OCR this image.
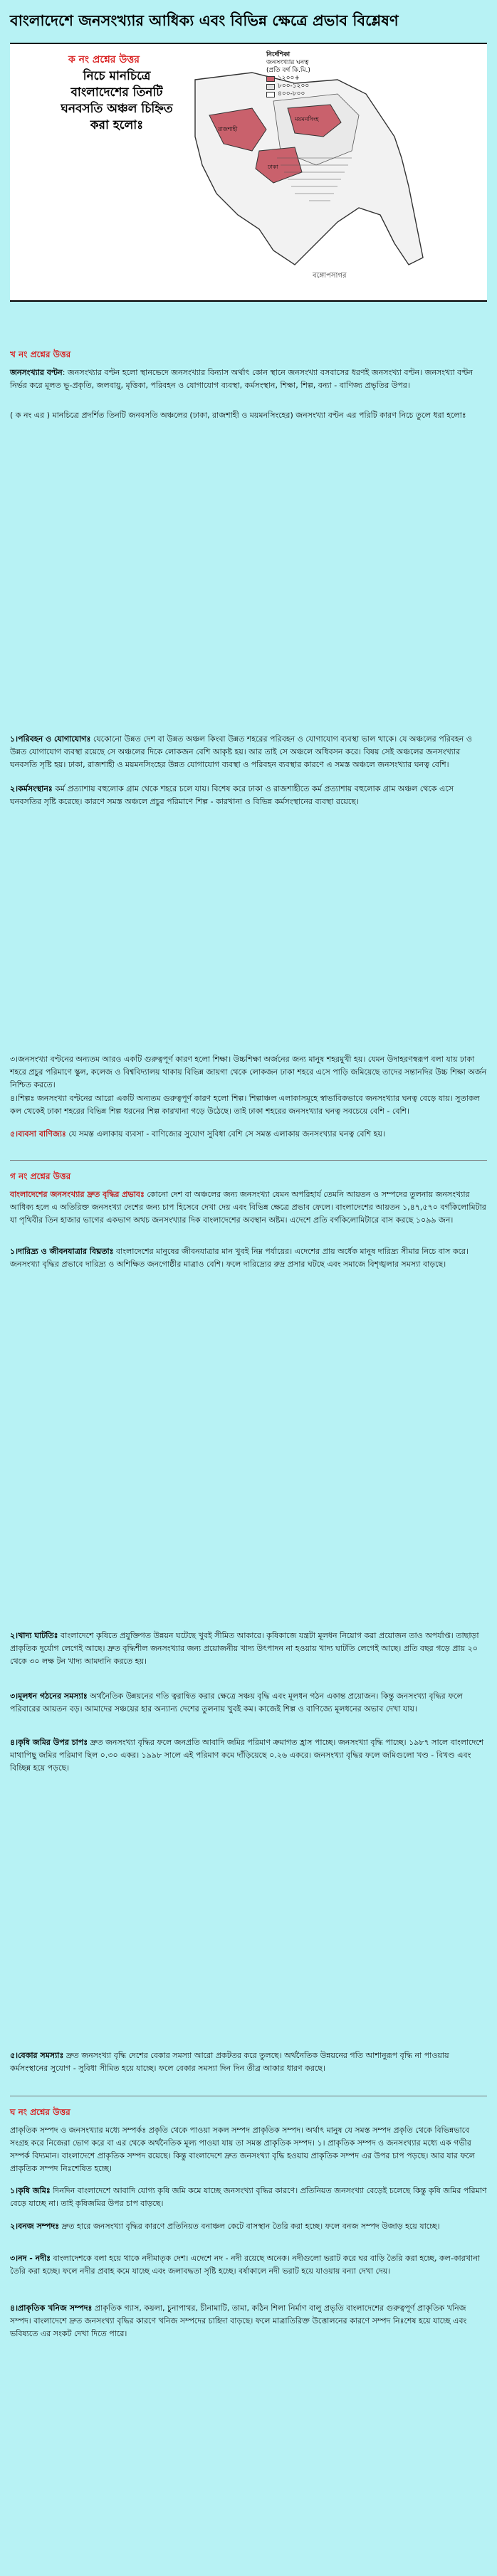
বাংলাদেশে জনসংখ্যার আধিক্য এবং বিভিন্ন ক্ষেত্রে প্রভাব বিশ্লেষণ
ক নং প্রশ্নের উত্তর
নিচে মানচিত্রে বাংলাদেশের তিনটি ঘনবসতি অঞ্চল চিহ্নিত করা হলোঃ	রাজশাহী
ময়মনসিংহ
ঢাকা
বঙ্গোপসাগর
নির্দেশিকা
জনসংখ্যার ঘনত্ব
(প্রতি বর্গ কি.মি.)
১২০০+
৮০০-১২০০
৪০০-৮০০
খ নং প্রশ্নের উত্তর
জনসংখ্যার বণ্টন: জনসংখ্যার বণ্টন হলো স্থানভেদে জনসংখ্যার বিন্যাস অর্থাৎ কোন স্থানে জনসংখ্যা বসবাসের ধরণই জনসংখ্যা বণ্টন। জনসংখ্যা বণ্টন নির্ভর করে মূলত ভূ-প্রকৃতি, জলবায়ু, মৃত্তিকা, পরিবহন ও যোগাযোগ ব্যবস্থা, কর্মসংস্থান, শিক্ষা, শিল্প, বন্যা - বাণিজ্য প্রভৃতির উপর।
( ক নং এর ) মানচিত্রে প্রদর্শিত তিনটি জনবসতি অঞ্চলের (ঢাকা, রাজশাহী ও ময়মনসিংহের) জনসংখ্যা বণ্টন এর পরিটি কারণ নিচে তুলে ধরা হলোঃ
১।পরিবহন ও যোগাযোগঃ যেকোনো উন্নত দেশ বা উন্নত অঞ্চল কিংবা উন্নত শহরের পরিবহন ও যোগাযোগ ব্যবস্থা ভাল থাকে। যে অঞ্চলের পরিবহন ও উন্নত যোগাযোগ ব্যবস্থা রয়েছে সে অঞ্চলের দিকে লোকজন বেশি আকৃষ্ট হয়। আর তাই সে অঞ্চলে অধিবসন করে। বিষয় সেই অঞ্চলের জনসংখ্যার ঘনবসতি সৃষ্টি হয়। ঢাকা, রাজশাহী ও ময়মনসিংহের উন্নত যোগাযোগ ব্যবস্থা ও পরিবহন ব্যবস্থার কারণে এ সমস্ত অঞ্চলে জনসংখ্যার ঘনত্ব বেশি।
২।কর্মসংস্থানঃ কর্ম প্রত্যাশায় বহুলোক গ্রাম থেকে শহরে চলে যায়। বিশেষ করে ঢাকা ও রাজশাহীতে কর্ম প্রত্যাশায় বহুলোক গ্রাম অঞ্চল থেকে এসে ঘনবসতির সৃষ্টি করেছে। কারণে সমস্ত অঞ্চলে প্রচুর পরিমাণে শিল্প - কারখানা ও বিভিন্ন কর্মসংস্থানের ব্যবস্থা রয়েছে।
৩।জনসংখ্যা বণ্টনের অন্যতম আরও একটি গুরুত্বপূর্ণ কারণ হলো শিক্ষা। উচ্চশিক্ষা অর্জনের জন্য মানুষ শহরমুখী হয়। যেমন উদাহরণস্বরূপ বলা যায় ঢাকা শহরে প্রচুর পরিমাণে স্কুল, কলেজ ও বিশ্ববিদ্যালয় থাকায় বিভিন্ন জায়গা থেকে লোকজন ঢাকা শহরে এসে পাড়ি জমিয়েছে তাদের সন্তানদির উচ্চ শিক্ষা অর্জন নিশ্চিত করতে।
৪।শিল্পঃ জনসংখ্যা বণ্টনের আরো একটি অন্যতম গুরুত্বপূর্ণ কারণ হলো শিল্প। শিল্পাঞ্চল এলাকাসমূহে স্বাভাবিকভাবে জনসংখ্যার ঘনত্ব বেড়ে যায়। সুতাকল কল থেকেই ঢাকা শহরের বিভিন্ন শিল্প ধরনের শিল্প কারখানা গড়ে উঠেছে। তাই ঢাকা শহরের জনসংখ্যার ঘনত্ব সবচেয়ে বেশি - বেশি।
৫।ব্যবসা বাণিজ্যঃ যে সমস্ত এলাকায় ব্যবসা - বাণিজ্যের সুযোগ সুবিধা বেশি সে সমস্ত এলাকায় জনসংখ্যার ঘনত্ব বেশি হয়।
গ নং প্রশ্নের উত্তর
বাংলাদেশের জনসংখ্যার দ্রুত বৃদ্ধির প্রভাবঃ কোনো দেশ বা অঞ্চলের জন্য জনসংখ্যা যেমন অপরিহার্য তেমনি আয়তন ও সম্পদের তুলনায় জনসংখ্যার আধিক্য হলে এ অতিরিক্ত জনসংখ্যা দেশের জন্য চাপ হিসেবে দেখা দেয় এবং বিভিন্ন ক্ষেত্রে প্রভাব ফেলে। বাংলাদেশের আয়তন ১,৪৭,৫৭০ বর্গকিলোমিটার যা পৃথিবীর তিন হাজার ভাগের একভাগ অথচ জনসংখ্যার দিক বাংলাদেশের অবস্থান অষ্টম। এদেশে প্রতি বর্গকিলোমিটারে বাস করছে ১০৯৯ জন।
১।দারিদ্র্য ও জীবনযাত্রার বিঘ্নতাঃ বাংলাদেশের মানুষের জীবনযাত্রার মান খুবই নিম্ন পর্যায়ের। এদেশের প্রায় অর্ধেক মানুষ দারিদ্র্য সীমার নিচে বাস করে। জনসংখ্যা বৃদ্ধির প্রভাবে দারিদ্র্য ও অশিক্ষিত জনগোষ্ঠীর মাত্রাও বেশি। ফলে দারিদ্র্যের রুদ্র প্রসার ঘটছে এবং সমাজে বিশৃঙ্খলার সমস্যা বাড়ছে।
২।খাদ্য ঘাটতিঃ বাংলাদেশে কৃষিতে প্রযুক্তিগত উন্নয়ন ঘটেছে খুবই সীমিত আকারে। কৃষিকাজে যন্ত্রটা মূলধন নিয়োগ করা প্রয়োজন তাও অপর্যাপ্ত। তাছাড়া প্রাকৃতিক দুর্যোগ লেগেই আছে। দ্রুত বৃদ্ধিশীল জনসংখ্যার জন্য প্রয়োজনীয় খাদ্য উৎপাদন না হওয়ায় খাদ্য ঘাটতি লেগেই আছে। প্রতি বছর গড়ে প্রায় ২০ থেকে ৩০ লক্ষ টন খাদ্য আমদানি করতে হয়।
৩।মূলধন গঠনের সমস্যাঃ অর্থনৈতিক উন্নয়নের গতি ত্বরান্বিত করার ক্ষেত্রে সঞ্চয় বৃদ্ধি এবং মূলধন গঠন একান্ত প্রয়োজন। কিন্তু জনসংখ্যা বৃদ্ধির ফলে পরিবারের আয়তন বড়। আমাদের সঞ্চয়ের হার অন্যান্য দেশের তুলনায় খুবই কম। কাজেই শিল্প ও বাণিজ্যে মূলধনের অভাব দেখা যায়।
৪।কৃষি জমির উপর চাপঃ দ্রুত জনসংখ্যা বৃদ্ধির ফলে জনপ্রতি আবাদি জমির পরিমাণ ক্রমাগত হ্রাস পাচ্ছে। জনসংখ্যা বৃদ্ধি পাচ্ছে। ১৯৮৭ সালে বাংলাদেশে মাথাপিছু জমির পরিমাণ ছিল ০.৩০ একর। ১৯৯৮ সালে এই পরিমাণ কমে দাঁড়িয়েছে ০.২৬ একরে। জনসংখ্যা বৃদ্ধির ফলে জমিগুলো খণ্ড - বিখণ্ড এবং বিচ্ছিন্ন হয়ে পড়ছে।
৫।বেকার সমস্যাঃ দ্রুত জনসংখ্যা বৃদ্ধি দেশের বেকার সমস্যা আরো প্রকটতর করে তুলছে। অর্থনৈতিক উন্নয়নের গতি আশানুরূপ বৃদ্ধি না পাওয়ায় কর্মসংস্থানের সুযোগ - সুবিধা সীমিত হয়ে যাচ্ছে। ফলে বেকার সমস্যা দিন দিন তীব্র আকার ধারণ করছে।
ঘ নং প্রশ্নের উত্তর
প্রাকৃতিক সম্পদ ও জনসংখ্যার মধ্যে সম্পর্কঃ প্রকৃতি থেকে পাওয়া সকল সম্পদ প্রাকৃতিক সম্পদ। অর্থাৎ মানুষ যে সমস্ত সম্পদ প্রকৃতি থেকে বিভিন্নভাবে সংগ্রহ করে নিজেরা ভোগ করে বা এর থেকে অর্থনৈতিক মূল্য পাওয়া যায় তা সমস্ত প্রাকৃতিক সম্পদ। ১। প্রাকৃতিক সম্পদ ও জনসংখ্যার মধ্যে এক গভীর সম্পর্ক বিদ্যমান। বাংলাদেশে প্রাকৃতিক সম্পদ রয়েছে। কিন্তু বাংলাদেশে দ্রুত জনসংখ্যা বৃদ্ধি হওয়ায় প্রাকৃতিক সম্পদ এর উপর চাপ পড়ছে। আর যার ফলে প্রাকৃতিক সম্পদ নিঃশেষিত হচ্ছে।
১।কৃষি জমিঃ দিনদিন বাংলাদেশে আবাদি যোগ্য কৃষি জমি কমে যাচ্ছে জনসংখ্যা বৃদ্ধির কারণে। প্রতিনিয়ত জনসংখ্যা বেড়েই চলেছে কিন্তু কৃষি জমির পরিমাণ বেড়ে যাচ্ছে না। তাই কৃষিজমির উপর চাপ বাড়ছে।
২।বনজ সম্পদঃ দ্রুত হারে জনসংখ্যা বৃদ্ধির কারণে প্রতিনিয়ত বনাঞ্চল কেটে বাসস্থান তৈরি করা হচ্ছে। ফলে বনজ সম্পদ উজাড় হয়ে যাচ্ছে।
৩।নদ - নদীঃ বাংলাদেশকে বলা হয়ে থাকে নদীমাতৃক দেশ। এদেশে নদ - নদী রয়েছে অনেক। নদীগুলো ভরাট করে ঘর বাড়ি তৈরি করা হচ্ছে, কল-কারখানা তৈরি করা হচ্ছে। ফলে নদীর প্রবাহ কমে যাচ্ছে এবং জলাবদ্ধতা সৃষ্টি হচ্ছে। বর্ষাকালে নদী ভরাট হয়ে যাওয়ায় বন্যা দেখা দেয়।
৪।প্রাকৃতিক খনিজ সম্পদঃ প্রাকৃতিক গ্যাস, কয়লা, চুনাপাথর, চীনামাটি, তামা, কঠিন শিলা নির্মাণ বালু প্রভৃতি বাংলাদেশের গুরুত্বপূর্ণ প্রাকৃতিক খনিজ সম্পদ। বাংলাদেশে দ্রুত জনসংখ্যা বৃদ্ধির কারণে খনিজ সম্পদের চাহিদা বাড়ছে। ফলে মাত্রাতিরিক্ত উত্তোলনের কারণে সম্পদ নিঃশেষ হয়ে যাচ্ছে এবং ভবিষ্যতে এর সংকট দেখা দিতে পারে।
